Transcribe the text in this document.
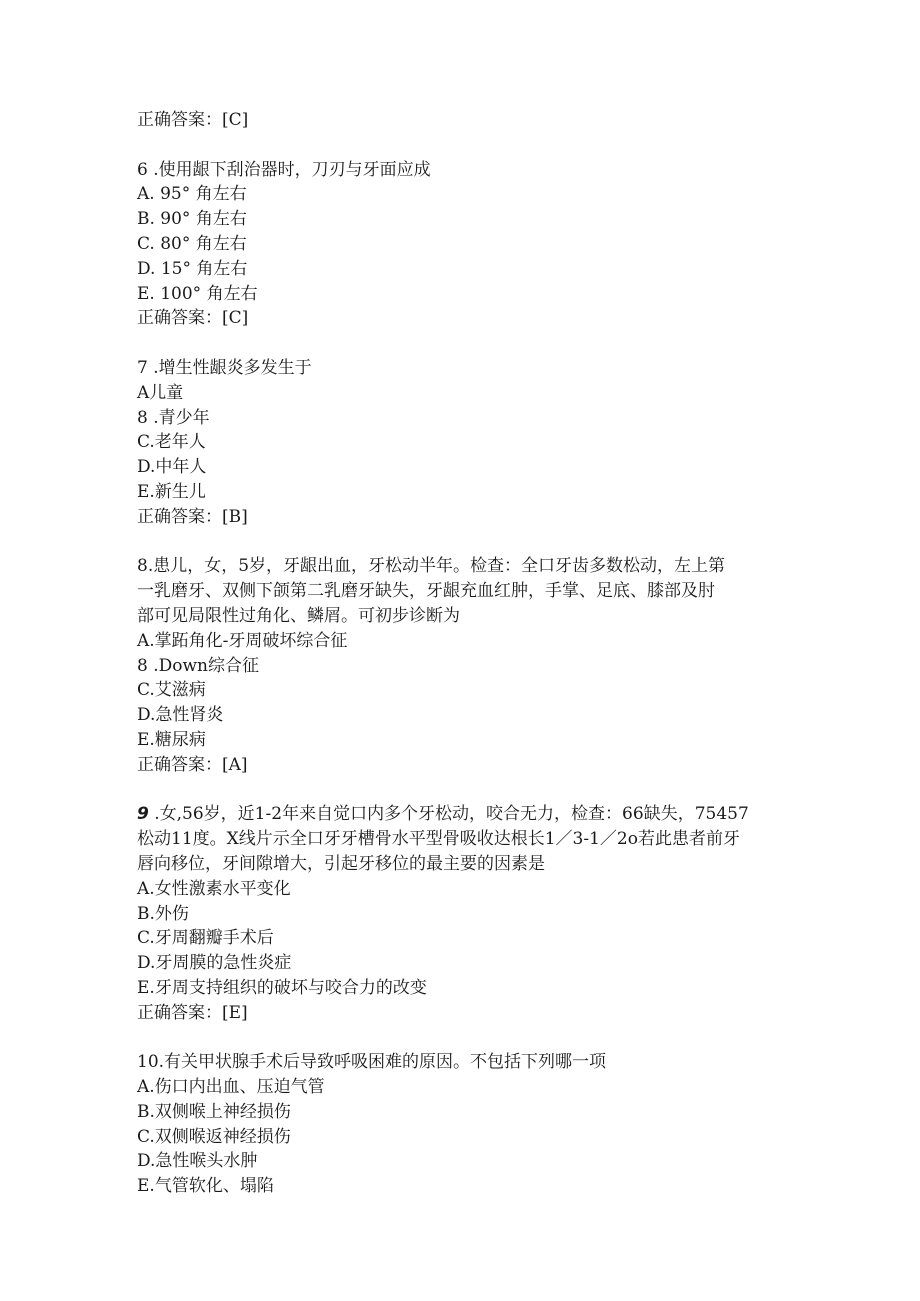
正确答案：[C]
6 .使用龈下刮治器时，刀刃与牙面应成
A. 95° 角左右
B. 90° 角左右
C. 80° 角左右
D. 15° 角左右
E. 100° 角左右
正确答案：[C]
7 .增生性龈炎多发生于
A儿童
8 .青少年
C.老年人
D.中年人
E.新生儿
正确答案：[B]
8.患儿，女，5岁，牙龈出血，牙松动半年。检查：全口牙齿多数松动，左上第
一乳磨牙、双侧下颌第二乳磨牙缺失，牙龈充血红肿，手掌、足底、膝部及肘
部可见局限性过角化、鳞屑。可初步诊断为
A.掌跖角化-牙周破坏综合征
8 .Down综合征
C.艾滋病
D.急性肾炎
E.糖尿病
正确答案：[A]
9 .女,56岁，近1-2年来自觉口内多个牙松动，咬合无力，检查：66缺失，75457
松动11度。X线片示全口牙牙槽骨水平型骨吸收达根长1／3-1／2o若此患者前牙
唇向移位，牙间隙增大，引起牙移位的最主要的因素是
A.女性激素水平变化
B.外伤
C.牙周翻瓣手术后
D.牙周膜的急性炎症
E.牙周支持组织的破坏与咬合力的改变
正确答案：[E]
10.有关甲状腺手术后导致呼吸困难的原因。不包括下列哪一项
A.伤口内出血、压迫气管
B.双侧喉上神经损伤
C.双侧喉返神经损伤
D.急性喉头水肿
E.气管软化、塌陷
